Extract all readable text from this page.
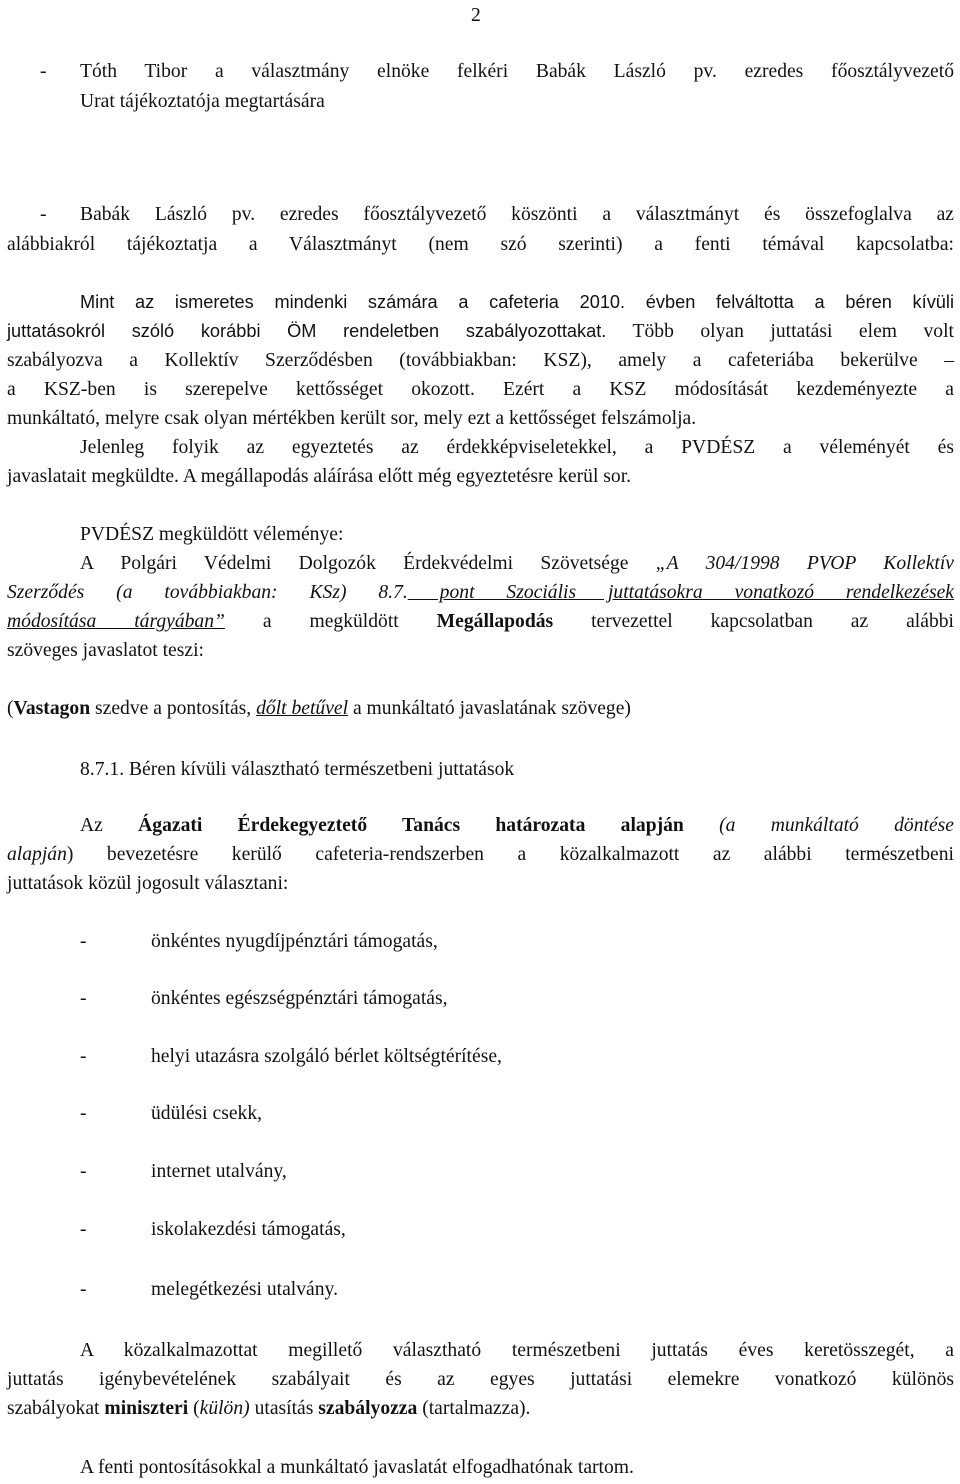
2
- Tóth Tibor a választmány elnöke felkéri Babák László pv. ezredes főosztályvezető
Urat tájékoztatója megtartására
- Babák László pv. ezredes főosztályvezető köszönti a választmányt és összefoglalva az
alábbiakról tájékoztatja a Választmányt (nem szó szerinti) a fenti témával kapcsolatba:
Mint az ismeretes mindenki számára a cafeteria 2010. évben felváltotta a béren kívüli
juttatásokról szóló korábbi ÖM rendeletben szabályozottakat. Több olyan juttatási elem volt
szabályozva a Kollektív Szerződésben (továbbiakban: KSZ), amely a cafeteriába bekerülve –
a KSZ-ben is szerepelve kettősséget okozott. Ezért a KSZ módosítását kezdeményezte a
munkáltató, melyre csak olyan mértékben került sor, mely ezt a kettősséget felszámolja.
Jelenleg folyik az egyeztetés az érdekképviseletekkel, a PVDÉSZ a véleményét és
javaslatait megküldte. A megállapodás aláírása előtt még egyeztetésre kerül sor.
PVDÉSZ megküldött véleménye:
A Polgári Védelmi Dolgozók Érdekvédelmi Szövetsége „A 304/1998 PVOP Kollektív
Szerződés (a továbbiakban: KSz) 8.7. pont Szociális juttatásokra vonatkozó rendelkezések
módosítása tárgyában” a megküldött Megállapodás tervezettel kapcsolatban az alábbi
szöveges javaslatot teszi:
(Vastagon szedve a pontosítás, dőlt betűvel a munkáltató javaslatának szövege)
8.7.1. Béren kívüli választható természetbeni juttatások
Az Ágazati Érdekegyeztető Tanács határozata alapján (a munkáltató döntése
alapján) bevezetésre kerülő cafeteria-rendszerben a közalkalmazott az alábbi természetbeni
juttatások közül jogosult választani:
-	önkéntes nyugdíjpénztári támogatás,
-	önkéntes egészségpénztári támogatás,
-	helyi utazásra szolgáló bérlet költségtérítése,
-	üdülési csekk,
-	internet utalvány,
-	iskolakezdési támogatás,
-	melegétkezési utalvány.
A közalkalmazottat megillető választható természetbeni juttatás éves keretösszegét, a
juttatás igénybevételének szabályait és az egyes juttatási elemekre vonatkozó különös
szabályokat miniszteri (külön) utasítás szabályozza (tartalmazza).
A fenti pontosításokkal a munkáltató javaslatát elfogadhatónak tartom.
